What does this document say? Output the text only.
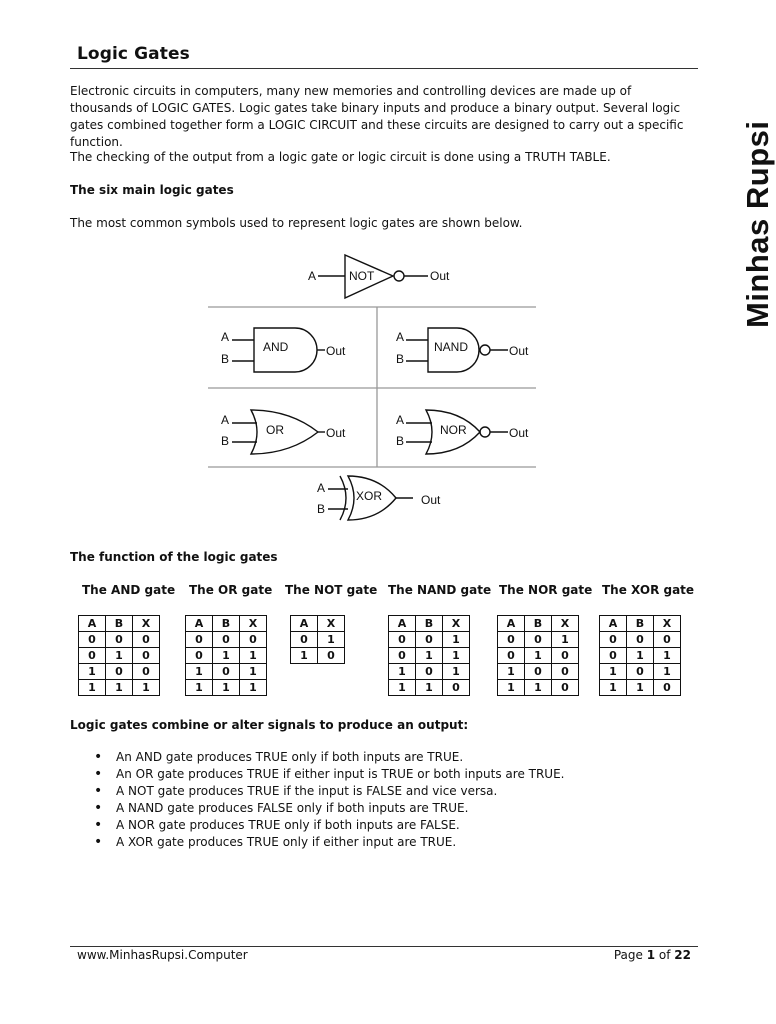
Logic Gates
Minhas Rupsi

Electronic circuits in computers, many new memories and controlling devices are made up of thousands of LOGIC GATES. Logic gates take binary inputs and produce a binary output. Several logic gates combined together form a LOGIC CIRCUIT and these circuits are designed to carry out a specific function.

The checking of the output from a logic gate or logic circuit is done using a TRUTH TABLE.

The six main logic gates

The most common symbols used to represent logic gates are shown below.

A	NOT	Out
A
B
AND	Out
A
B
NAND	Out
A
B
OR	Out
A
B
NOR	Out
A
B
XOR	Out

The function of the logic gates

The AND gate The OR gate The NOT gate The NAND gate The NOR gate The XOR gate
A	B	X
0	0	0
0	1	0
1	0	0
1	1	1
A	B	X
0	0	0
0	1	1
1	0	1
1	1	1
A	X
0	1
1	0
A	B	X
0	0	1
0	1	1
1	0	1
1	1	0
A	B	X
0	0	1
0	1	0
1	0	0
1	1	0
A	B	X
0	0	0
0	1	1
1	0	1
1	1	0

Logic gates combine or alter signals to produce an output:

• An AND gate produces TRUE only if both inputs are TRUE.
• An OR gate produces TRUE if either input is TRUE or both inputs are TRUE.
• A NOT gate produces TRUE if the input is FALSE and vice versa.
• A NAND gate produces FALSE only if both inputs are TRUE.
• A NOR gate produces TRUE only if both inputs are FALSE.
• A XOR gate produces TRUE only if either input are TRUE.
www.MinhasRupsi.Computer	Page 1 of 22
